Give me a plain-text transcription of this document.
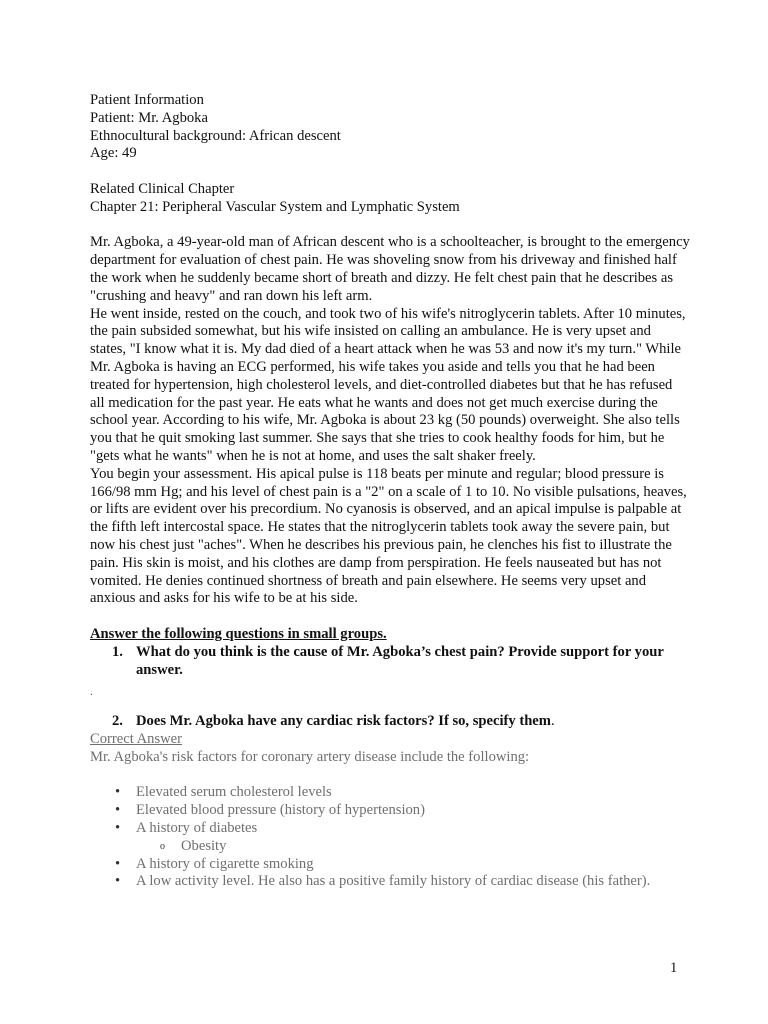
Patient Information

Patient: Mr. Agboka

Ethnocultural background: African descent

Age: 49

Related Clinical Chapter

Chapter 21: Peripheral Vascular System and Lymphatic System

Mr. Agboka, a 49-year-old man of African descent who is a schoolteacher, is brought to the emergency department for evaluation of chest pain. He was shoveling snow from his driveway and finished half the work when he suddenly became short of breath and dizzy. He felt chest pain that he describes as "crushing and heavy" and ran down his left arm.

He went inside, rested on the couch, and took two of his wife's nitroglycerin tablets. After 10 minutes, the pain subsided somewhat, but his wife insisted on calling an ambulance. He is very upset and states, "I know what it is. My dad died of a heart attack when he was 53 and now it's my turn." While Mr. Agboka is having an ECG performed, his wife takes you aside and tells you that he had been treated for hypertension, high cholesterol levels, and diet-controlled diabetes but that he has refused all medication for the past year. He eats what he wants and does not get much exercise during the school year. According to his wife, Mr. Agboka is about 23 kg (50 pounds) overweight. She also tells you that he quit smoking last summer. She says that she tries to cook healthy foods for him, but he "gets what he wants" when he is not at home, and uses the salt shaker freely.

You begin your assessment. His apical pulse is 118 beats per minute and regular; blood pressure is 166/98 mm Hg; and his level of chest pain is a "2" on a scale of 1 to 10. No visible pulsations, heaves, or lifts are evident over his precordium. No cyanosis is observed, and an apical impulse is palpable at the fifth left intercostal space. He states that the nitroglycerin tablets took away the severe pain, but now his chest just "aches". When he describes his previous pain, he clenches his fist to illustrate the pain. His skin is moist, and his clothes are damp from perspiration. He feels nauseated but has not vomited. He denies continued shortness of breath and pain elsewhere. He seems very upset and anxious and asks for his wife to be at his side.

Answer the following questions in small groups.

1. What do you think is the cause of Mr. Agboka’s chest pain? Provide support for your answer.
.
2. Does Mr. Agboka have any cardiac risk factors? If so, specify them.

Correct Answer

Mr. Agboka's risk factors for coronary artery disease include the following:

• Elevated serum cholesterol levels
• Elevated blood pressure (history of hypertension)
• A history of diabetes
o Obesity
• A history of cigarette smoking
• A low activity level. He also has a positive family history of cardiac disease (his father).
1
